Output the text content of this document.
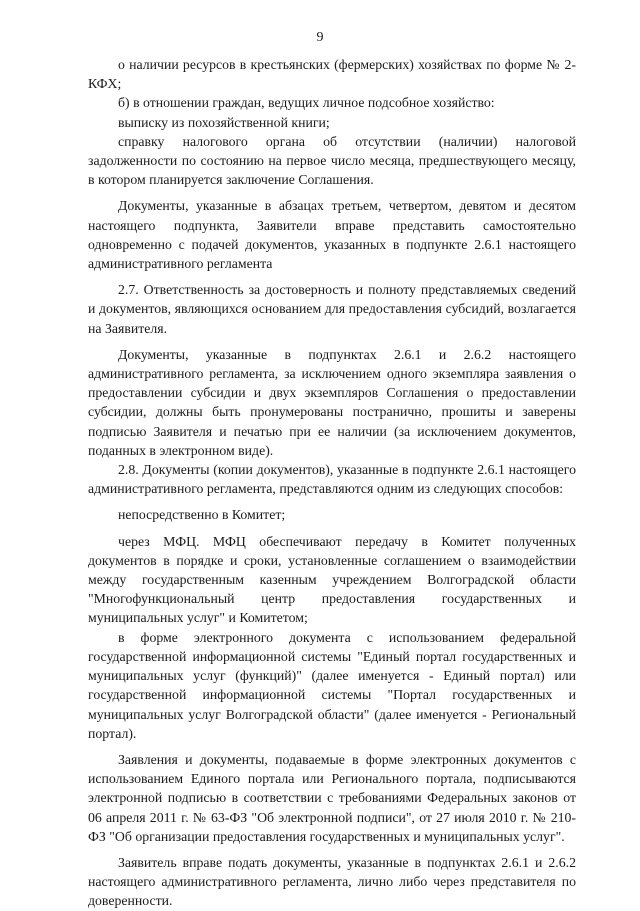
9

о наличии ресурсов в крестьянских (фермерских) хозяйствах по форме № 2-КФХ;

б) в отношении граждан, ведущих личное подсобное хозяйство:

выписку из похозяйственной книги;

справку налогового органа об отсутствии (наличии) налоговой задолженности по состоянию на первое число месяца, предшествующего месяцу, в котором планируется заключение Соглашения.

Документы, указанные в абзацах третьем, четвертом, девятом и десятом настоящего подпункта, Заявители вправе представить самостоятельно одновременно с подачей документов, указанных в подпункте 2.6.1 настоящего административного регламента

2.7. Ответственность за достоверность и полноту представляемых сведений и документов, являющихся основанием для предоставления субсидий, возлагается на Заявителя.

Документы, указанные в подпунктах 2.6.1 и 2.6.2 настоящего административного регламента, за исключением одного экземпляра заявления о предоставлении субсидии и двух экземпляров Соглашения о предоставлении субсидии, должны быть пронумерованы постранично, прошиты и заверены подписью Заявителя и печатью при ее наличии (за исключением документов, поданных в электронном виде).

2.8. Документы (копии документов), указанные в подпункте 2.6.1 настоящего административного регламента, представляются одним из следующих способов:

непосредственно в Комитет;

через МФЦ. МФЦ обеспечивают передачу в Комитет полученных документов в порядке и сроки, установленные соглашением о взаимодействии между государственным казенным учреждением Волгоградской области "Многофункциональный центр предоставления государственных и муниципальных услуг" и Комитетом;

в форме электронного документа с использованием федеральной государственной информационной системы "Единый портал государственных и муниципальных услуг (функций)" (далее именуется - Единый портал) или государственной информационной системы "Портал государственных и муниципальных услуг Волгоградской области" (далее именуется - Региональный портал).

Заявления и документы, подаваемые в форме электронных документов с использованием Единого портала или Регионального портала, подписываются электронной подписью в соответствии с требованиями Федеральных законов от 06 апреля 2011 г. № 63-ФЗ "Об электронной подписи", от 27 июля 2010 г. № 210-ФЗ "Об организации предоставления государственных и муниципальных услуг".

Заявитель вправе подать документы, указанные в подпунктах 2.6.1 и 2.6.2 настоящего административного регламента, лично либо через представителя по доверенности.
